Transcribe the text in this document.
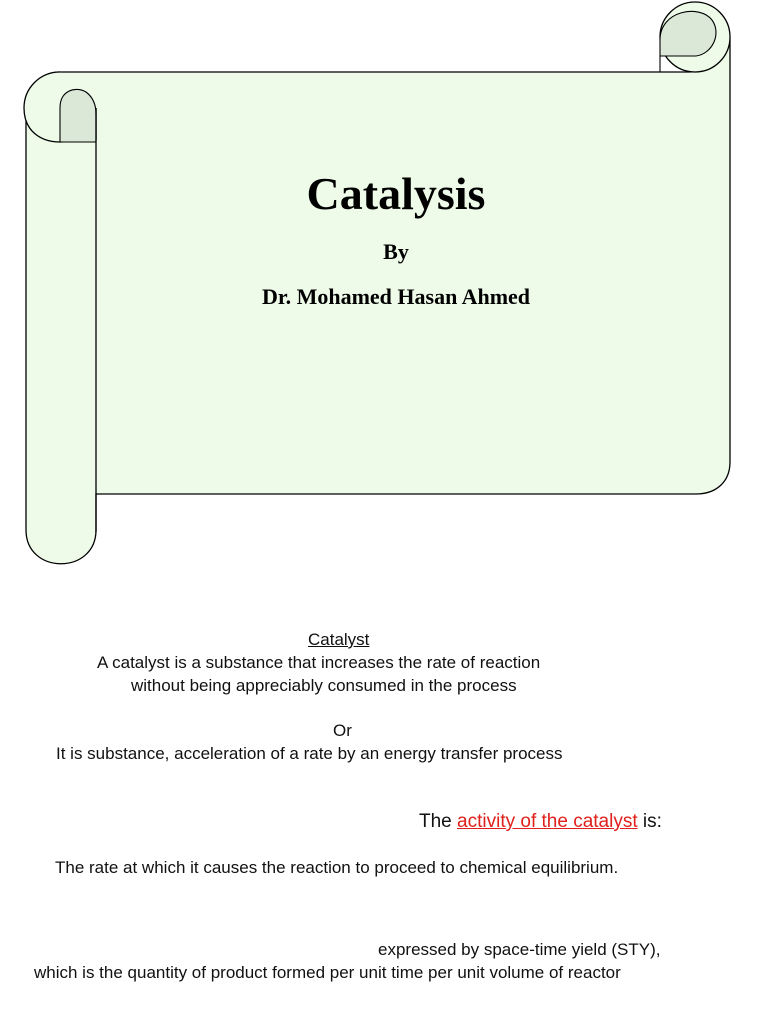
Catalysis
By
Dr. Mohamed Hasan Ahmed
Catalyst
A catalyst is a substance that increases the rate of reaction
without being appreciably consumed in the process
Or
It is substance, acceleration of a rate by an energy transfer process
The activity of the catalyst is:
The rate at which it causes the reaction to proceed to chemical equilibrium.
expressed by space-time yield (STY),
which is the quantity of product formed per unit time per unit volume of reactor
